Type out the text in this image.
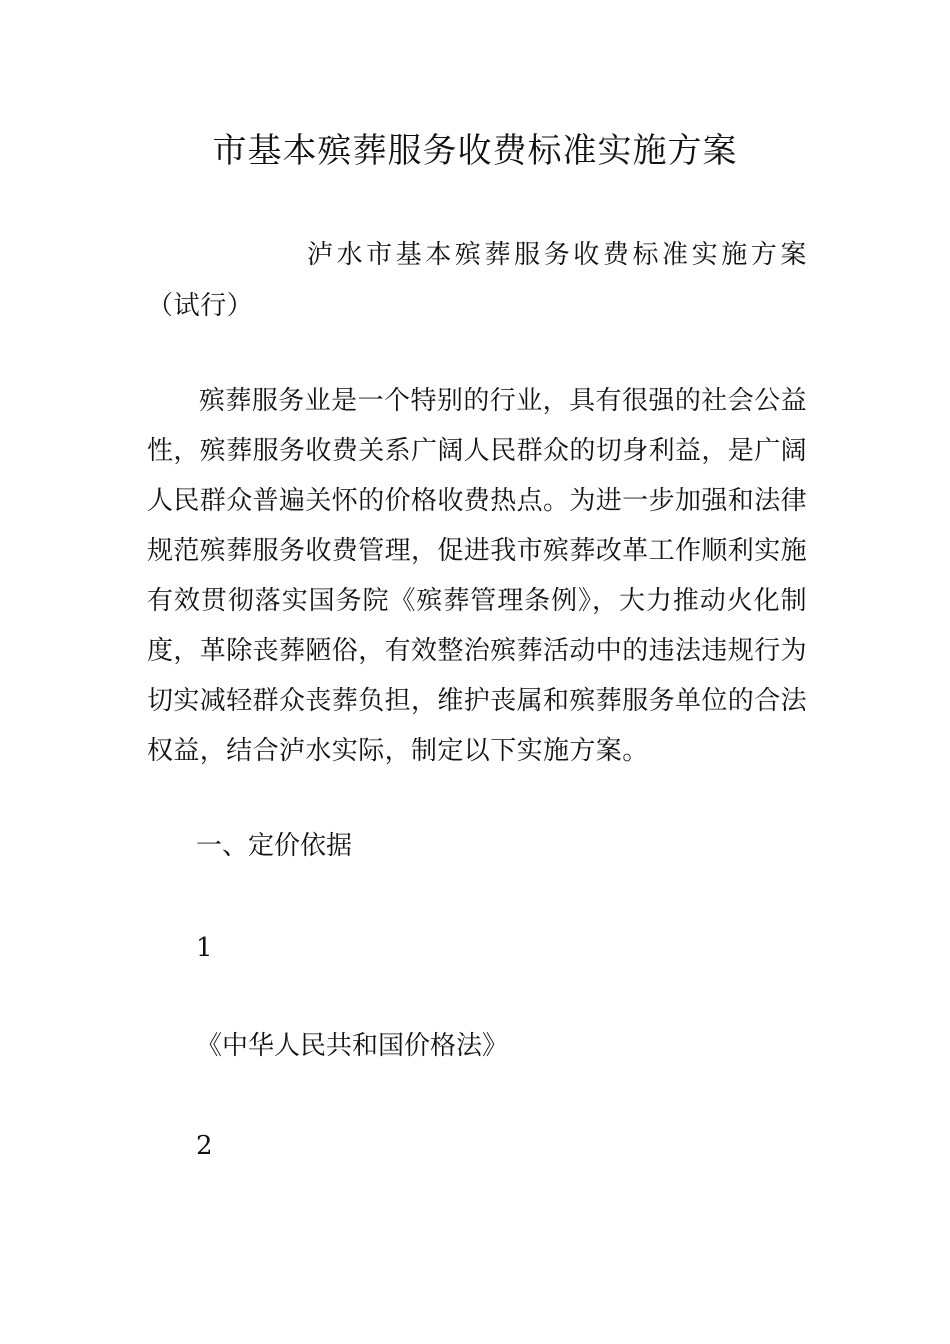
市基本殡葬服务收费标准实施方案

泸水市基本殡葬服务收费标准实施方案（试行）

殡葬服务业是一个特别的行业，具有很强的社会公益性，殡葬服务收费关系广阔人民群众的切身利益，是广阔人民群众普遍关怀的价格收费热点。为进一步加强和法律规范殡葬服务收费管理，促进我市殡葬改革工作顺利实施有效贯彻落实国务院《殡葬管理条例》，大力推动火化制度，革除丧葬陋俗，有效整治殡葬活动中的违法违规行为切实减轻群众丧葬负担，维护丧属和殡葬服务单位的合法权益，结合泸水实际，制定以下实施方案。

一、定价依据
1
《中华人民共和国价格法》
2
